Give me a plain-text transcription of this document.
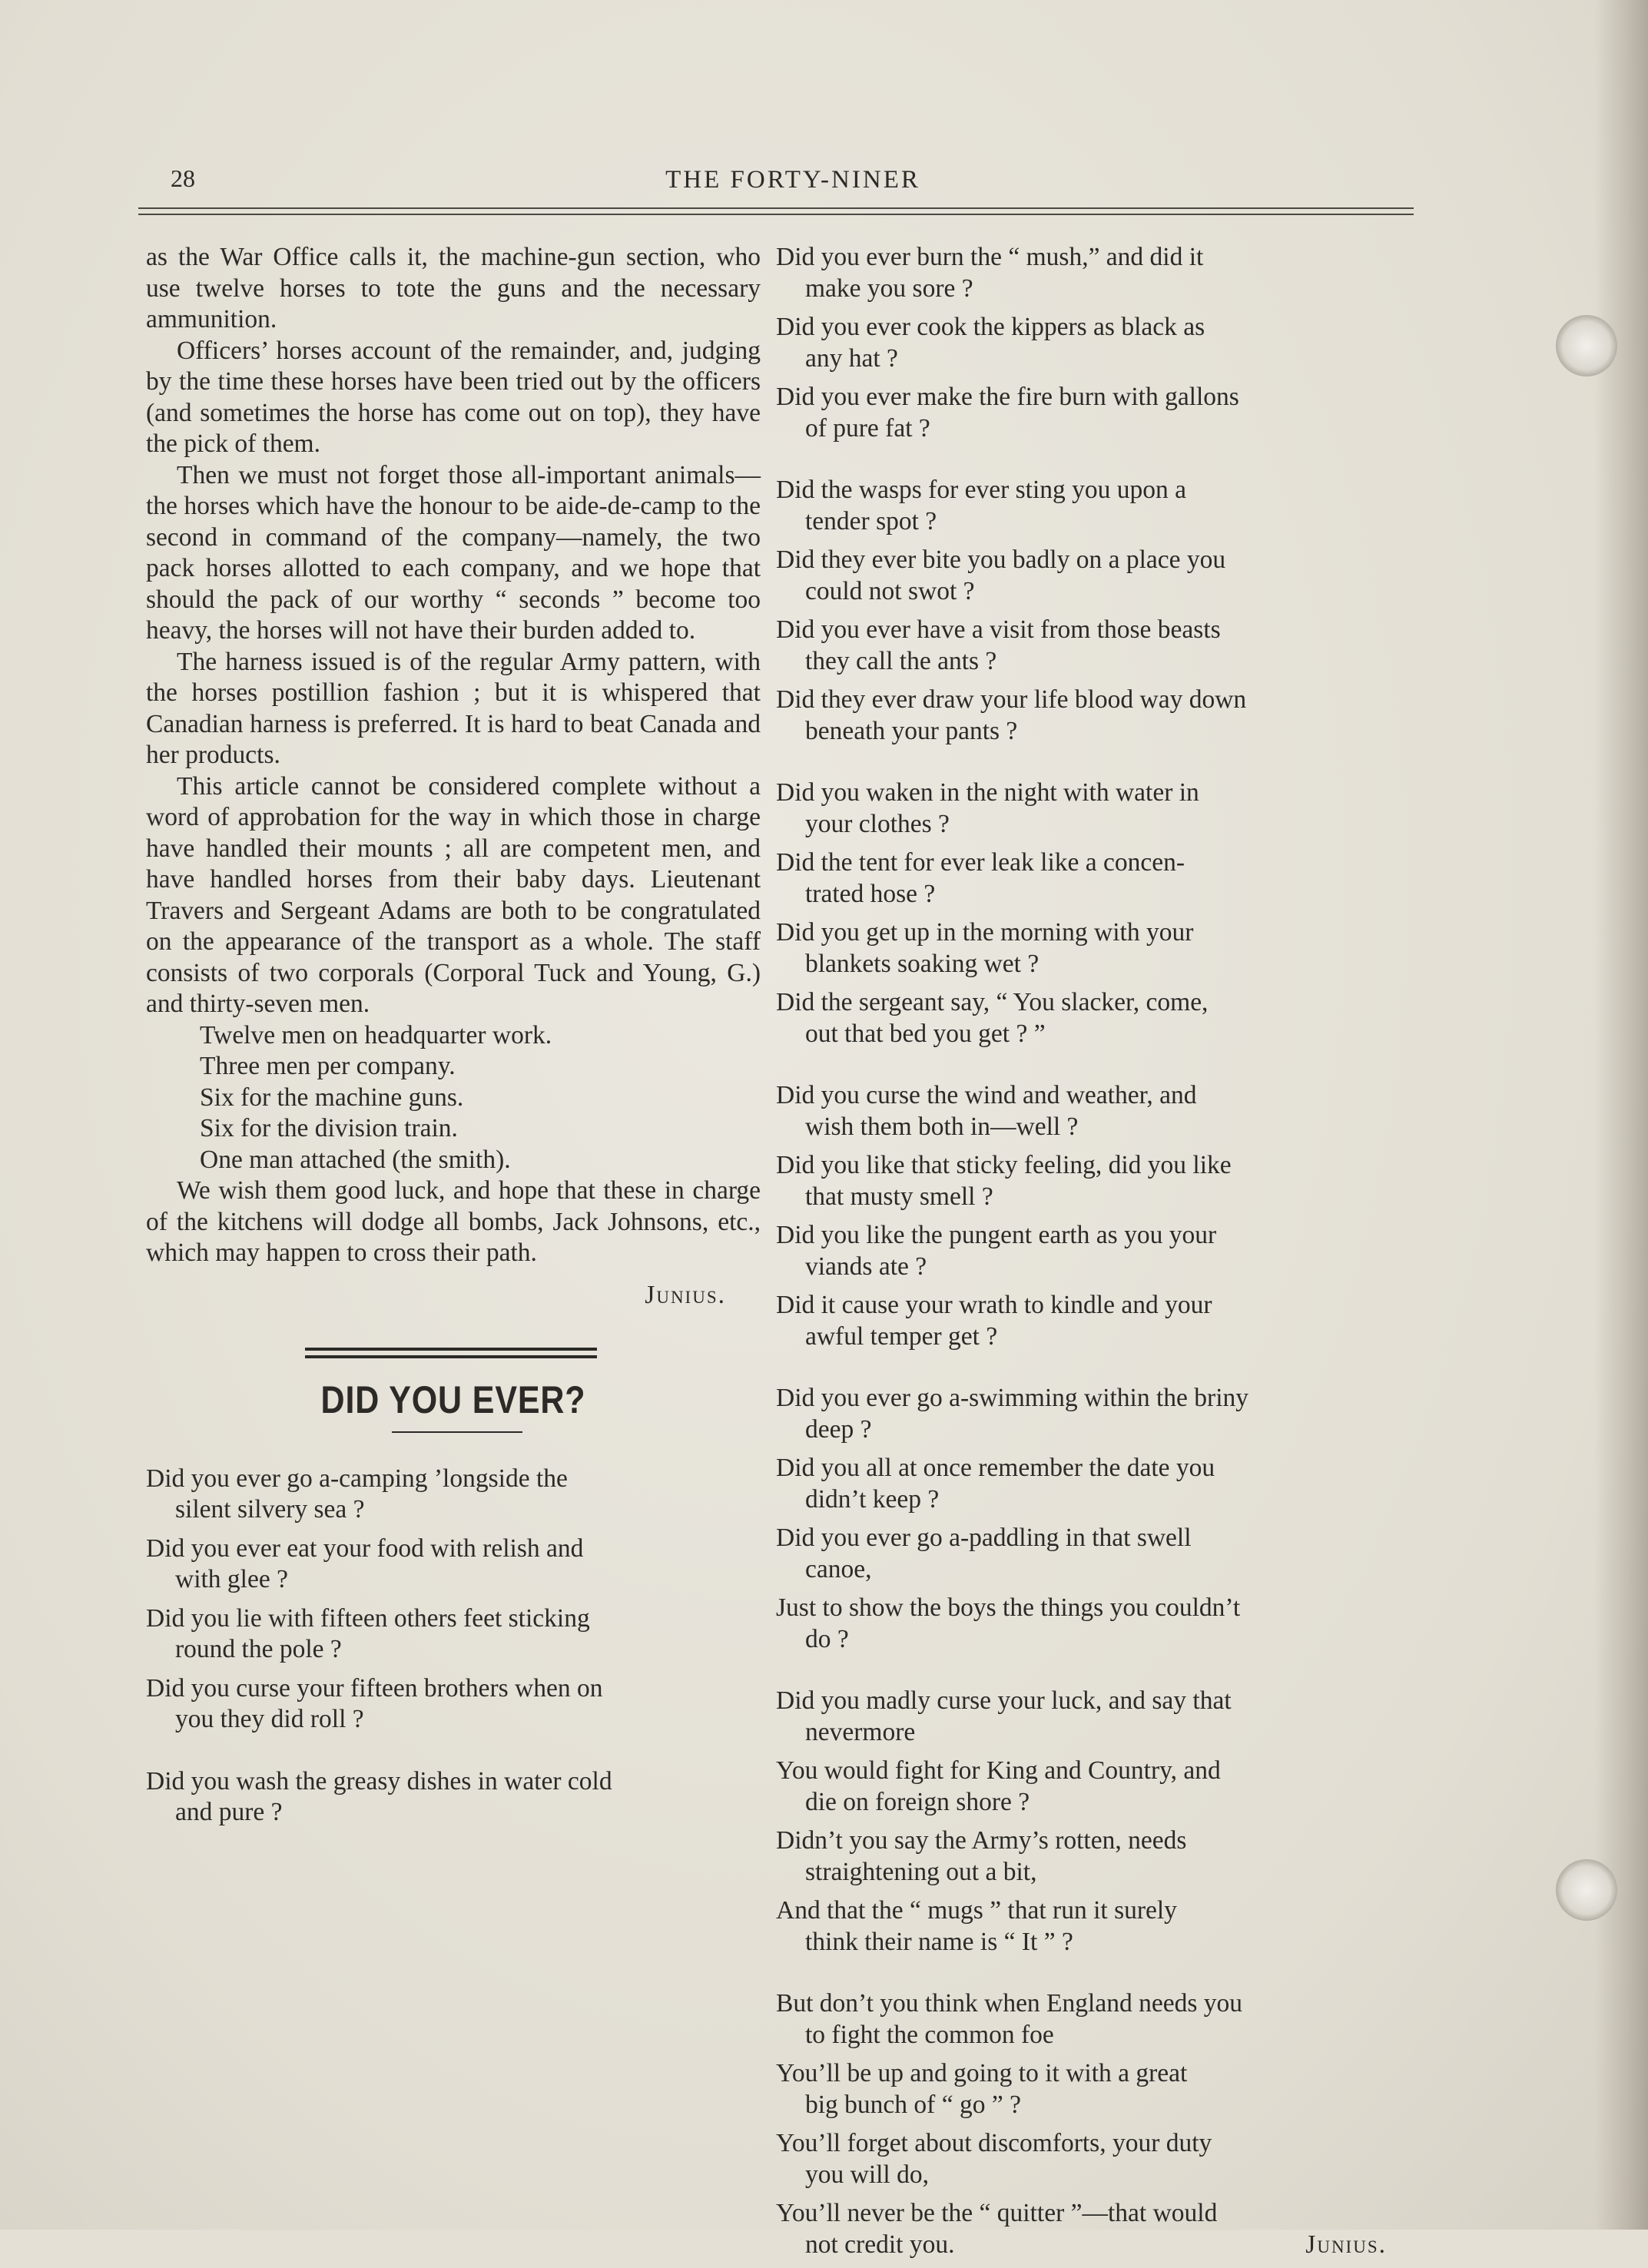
28	THE FORTY-NINER

as the War Office calls it, the machine-gun section, who use twelve horses to tote the guns and the necessary ammunition.

Officers’ horses account of the remainder, and, judging by the time these horses have been tried out by the officers (and sometimes the horse has come out on top), they have the pick of them.

Then we must not forget those all-important animals—the horses which have the honour to be aide-de-camp to the second in command of the company—namely, the two pack horses allotted to each company, and we hope that should the pack of our worthy “ seconds ” become too heavy, the horses will not have their burden added to.

The harness issued is of the regular Army pattern, with the horses postillion fashion ; but it is whispered that Canadian harness is preferred. It is hard to beat Canada and her products.

This article cannot be considered complete without a word of approbation for the way in which those in charge have handled their mounts ; all are competent men, and have handled horses from their baby days. Lieutenant Travers and Sergeant Adams are both to be congratulated on the appearance of the transport as a whole. The staff consists of two corporals (Corporal Tuck and Young, G.) and thirty-seven men.

Twelve men on headquarter work.
Three men per company.
Six for the machine guns.
Six for the division train.
One man attached (the smith).

We wish them good luck, and hope that these in charge of the kitchens will dodge all bombs, Jack Johnsons, etc., which may happen to cross their path.

Junius.
DID YOU EVER?
Did you ever go a-camping ’longside the
silent silvery sea ?
Did you ever eat your food with relish and
with glee ?
Did you lie with fifteen others feet sticking
round the pole ?
Did you curse your fifteen brothers when on
you they did roll ?
Did you wash the greasy dishes in water cold
and pure ?
Did you ever burn the “ mush,” and did it
make you sore ?
Did you ever cook the kippers as black as
any hat ?
Did you ever make the fire burn with gallons
of pure fat ?
Did the wasps for ever sting you upon a
tender spot ?
Did they ever bite you badly on a place you
could not swot ?
Did you ever have a visit from those beasts
they call the ants ?
Did they ever draw your life blood way down
beneath your pants ?
Did you waken in the night with water in
your clothes ?
Did the tent for ever leak like a concen-
trated hose ?
Did you get up in the morning with your
blankets soaking wet ?
Did the sergeant say, “ You slacker, come,
out that bed you get ? ”
Did you curse the wind and weather, and
wish them both in—well ?
Did you like that sticky feeling, did you like
that musty smell ?
Did you like the pungent earth as you your
viands ate ?
Did it cause your wrath to kindle and your
awful temper get ?
Did you ever go a-swimming within the briny
deep ?
Did you all at once remember the date you
didn’t keep ?
Did you ever go a-paddling in that swell
canoe,
Just to show the boys the things you couldn’t
do ?
Did you madly curse your luck, and say that
nevermore
You would fight for King and Country, and
die on foreign shore ?
Didn’t you say the Army’s rotten, needs
straightening out a bit,
And that the “ mugs ” that run it surely
think their name is “ It ” ?
But don’t you think when England needs you
to fight the common foe
You’ll be up and going to it with a great
big bunch of “ go ” ?
You’ll forget about discomforts, your duty
you will do,
You’ll never be the “ quitter ”—that would
not credit you.	Junius.
